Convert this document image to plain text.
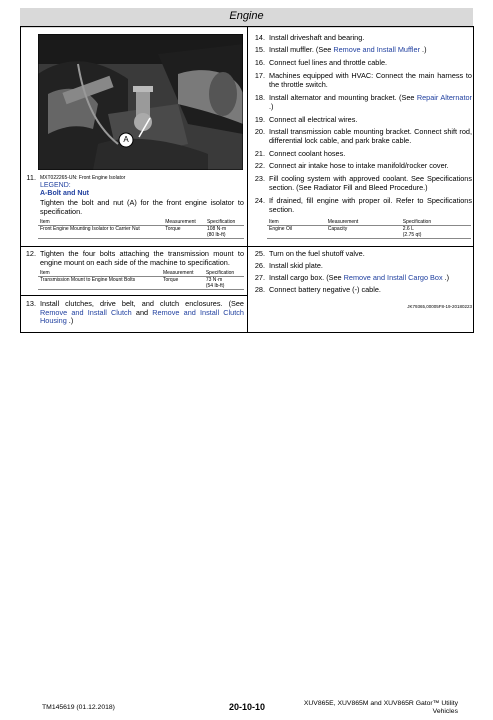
Engine
A
11. MXT022265-UN: Front Engine Isolator
LEGEND:
A-Bolt and Nut
Tighten the bolt and nut (A) for the front engine isolator to specification.
Item	Measurement	Specification
Front Engine Mounting Isolator to Carrier Nut	Torque	108 N·m
(80 lb-ft)
12. Tighten the four bolts attaching the transmission mount to engine mount on each side of the machine to specification.
Item	Measurement	Specification
Transmission Mount to Engine Mount Bolts	Torque	73 N·m
(54 lb-ft)
13. Install clutches, drive belt, and clutch enclosures. (See Remove and Install Clutch and Remove and Install Clutch Housing .)
14. Install driveshaft and bearing.
15. Install muffler. (See Remove and Install Muffler .)
16. Connect fuel lines and throttle cable.
17. Machines equipped with HVAC: Connect the main harness to the throttle switch.
18. Install alternator and mounting bracket. (See Repair Alternator .)
19. Connect all electrical wires.
20. Install transmission cable mounting bracket. Connect shift rod, differential lock cable, and park brake cable.
21. Connect coolant hoses.
22. Connect air intake hose to intake manifold/rocker cover.
23. Fill cooling system with approved coolant. See Specifications section. (See Radiator Fill and Bleed Procedure.)
24. If drained, fill engine with proper oil. Refer to Specifications section.
Item	Measurement	Specification
Engine Oil	Capacity	2.6 L
(2.75 qt)
25. Turn on the fuel shutoff valve.
26. Install skid plate.
27. Install cargo box. (See Remove and Install Cargo Box .)
28. Connect battery negative (-) cable.
JK79365,00005F8-19-20180223
TM145619 (01.12.2018)	20-10-10	XUV865E, XUV865M and XUV865R Gator™ Utility
Vehicles
